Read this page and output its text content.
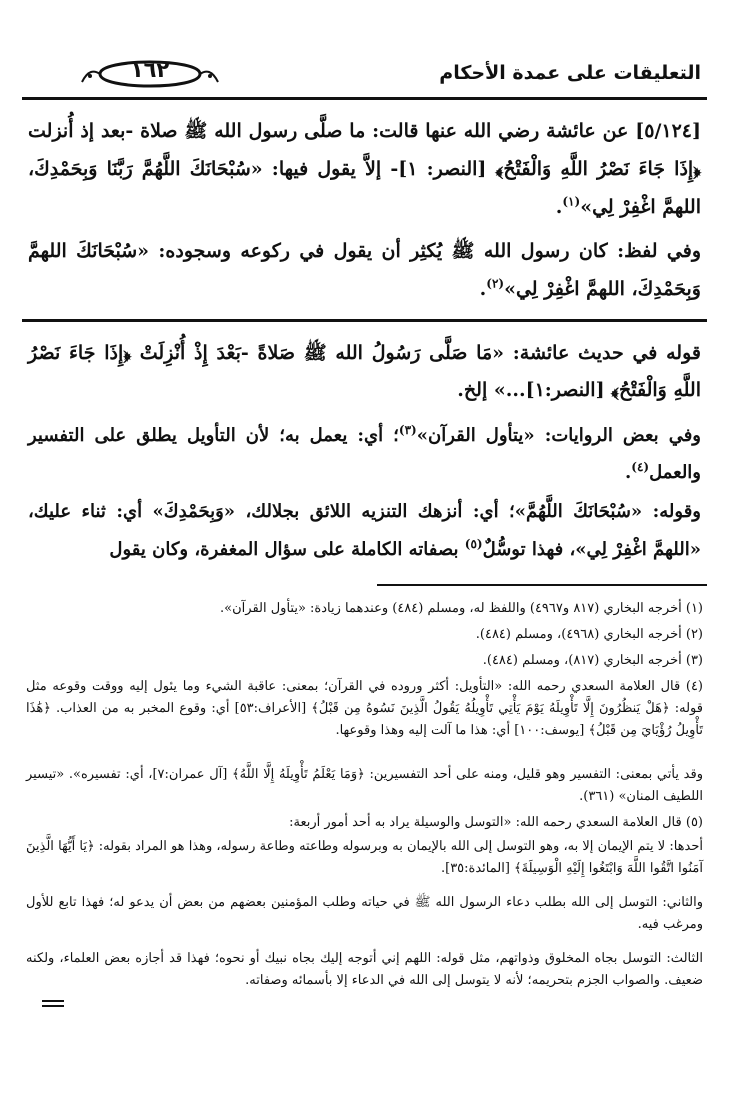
التعليقات على عمدة الأحكام
١٦٢
[٥/١٢٤] عن عائشة رضي الله عنها قالت: ما صلَّى رسول الله ﷺ صلاة -بعد إذ أُنزلت ﴿إِذَا جَاءَ نَصْرُ اللَّهِ وَالْفَتْحُ﴾ [النصر: ١]- إلاَّ يقول فيها: «سُبْحَانَكَ اللَّهُمَّ رَبَّنَا وَبِحَمْدِكَ، اللهمَّ اغْفِرْ لِي»$^{(١)}$.
وفي لفظ: كان رسول الله ﷺ يُكثِر أن يقول في ركوعه وسجوده: «سُبْحَانَكَ اللهمَّ وَبِحَمْدِكَ، اللهمَّ اغْفِرْ لِي»$^{(٢)}$.
قوله في حديث عائشة: «مَا صَلَّى رَسُولُ الله ﷺ صَلاةً -بَعْدَ إِذْ أُنْزِلَتْ ﴿إِذَا جَاءَ نَصْرُ اللَّهِ وَالْفَتْحُ﴾ [النصر:١]...» إلخ.
وفي بعض الروايات: «يتأول القرآن»$^{(٣)}$؛ أي: يعمل به؛ لأن التأويل يطلق على التفسير والعمل$^{(٤)}$.
وقوله: «سُبْحَانَكَ اللَّهُمَّ»؛ أي: أنزهك التنزيه اللائق بجلالك، «وَبِحَمْدِكَ» أي: ثناء عليك، «اللهمَّ اغْفِرْ لِي»، فهذا توسُّلٌ$^{(٥)}$ بصفاته الكاملة على سؤال المغفرة، وكان يقول
(١) أخرجه البخاري (٨١٧ و٤٩٦٧) واللفظ له، ومسلم (٤٨٤) وعندهما زيادة: «يتأول القرآن».
(٢) أخرجه البخاري (٤٩٦٨)، ومسلم (٤٨٤).
(٣) أخرجه البخاري (٨١٧)، ومسلم (٤٨٤).
(٤) قال العلامة السعدي رحمه الله: «التأويل: أكثر وروده في القرآن؛ بمعنى: عاقبة الشيء وما يئول إليه ووقت وقوعه مثل قوله: ﴿هَلْ يَنظُرُونَ إِلَّا تَأْوِيلَهُ يَوْمَ يَأْتِي تَأْوِيلُهُ يَقُولُ الَّذِينَ نَسُوهُ مِن قَبْلُ﴾ [الأعراف:٥٣] أي: وقوع المخبر به من العذاب. ﴿هَٰذَا تَأْوِيلُ رُؤْيَايَ مِن قَبْلُ﴾ [يوسف:١٠٠] أي: هذا ما آلت إليه وهذا وقوعها.
وقد يأتي بمعنى: التفسير وهو قليل، ومنه على أحد التفسيرين: ﴿وَمَا يَعْلَمُ تَأْوِيلَهُ إِلَّا اللَّهُ﴾ [آل عمران:٧]، أي: تفسيره». «تيسير اللطيف المنان» (٣٦١).
(٥) قال العلامة السعدي رحمه الله: «التوسل والوسيلة يراد به أحد أمور أربعة:
أحدها: لا يتم الإيمان إلا به، وهو التوسل إلى الله بالإيمان به وبرسوله وطاعته وطاعة رسوله، وهذا هو المراد بقوله: ﴿يَا أَيُّهَا الَّذِينَ آمَنُوا اتَّقُوا اللَّهَ وَابْتَغُوا إِلَيْهِ الْوَسِيلَةَ﴾ [المائدة:٣٥].
والثاني: التوسل إلى الله بطلب دعاء الرسول الله ﷺ في حياته وطلب المؤمنين بعضهم من بعض أن يدعو له؛ فهذا تابع للأول ومرغب فيه.
الثالث: التوسل بجاه المخلوق وذواتهم، مثل قوله: اللهم إني أتوجه إليك بجاه نبيك أو نحوه؛ فهذا قد أجازه بعض العلماء، ولكنه ضعيف. والصواب الجزم بتحريمه؛ لأنه لا يتوسل إلى الله في الدعاء إلا بأسمائه وصفاته.
